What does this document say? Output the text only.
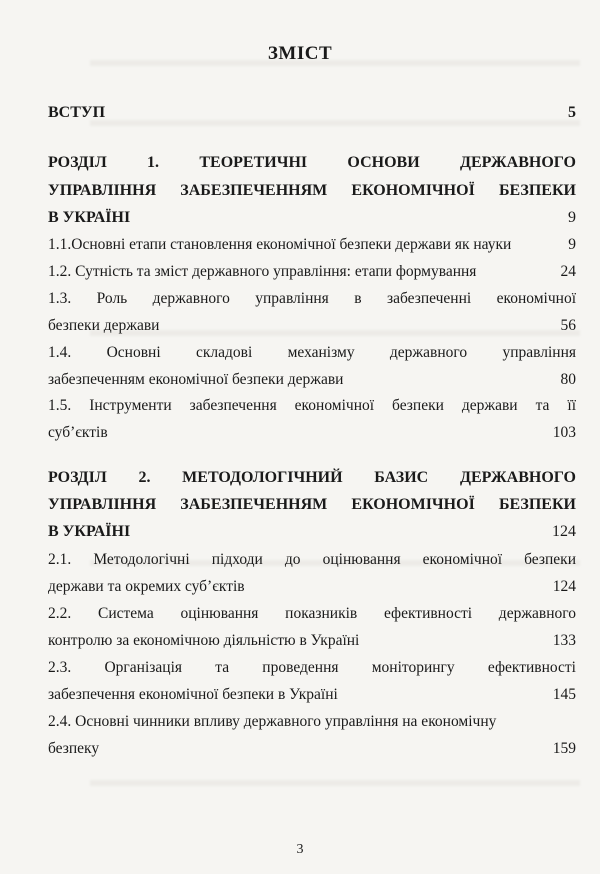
ЗМІСТ
ВСТУП	5
РОЗДІЛ 1. ТЕОРЕТИЧНІ ОСНОВИ ДЕРЖАВНОГО
УПРАВЛІННЯ ЗАБЕЗПЕЧЕННЯМ ЕКОНОМІЧНОЇ БЕЗПЕКИ
В УКРАЇНІ	9
1.1.Основні етапи становлення економічної безпеки держави як науки	9
1.2. Сутність та зміст державного управління: етапи формування	24
1.3. Роль державного управління в забезпеченні економічної
безпеки держави	56
1.4. Основні складові механізму державного управління
забезпеченням економічної безпеки держави	80
1.5. Інструменти забезпечення економічної безпеки держави та її
суб’єктів	103
РОЗДІЛ 2. МЕТОДОЛОГІЧНИЙ БАЗИС ДЕРЖАВНОГО
УПРАВЛІННЯ ЗАБЕЗПЕЧЕННЯМ ЕКОНОМІЧНОЇ БЕЗПЕКИ
В УКРАЇНІ	124
2.1. Методологічні підходи до оцінювання економічної безпеки
держави та окремих суб’єктів	124
2.2. Система оцінювання показників ефективності державного
контролю за економічною діяльністю в Україні	133
2.3. Організація та проведення моніторингу ефективності
забезпечення економічної безпеки в Україні	145
2.4. Основні чинники впливу державного управління на економічну
безпеку	159
3
